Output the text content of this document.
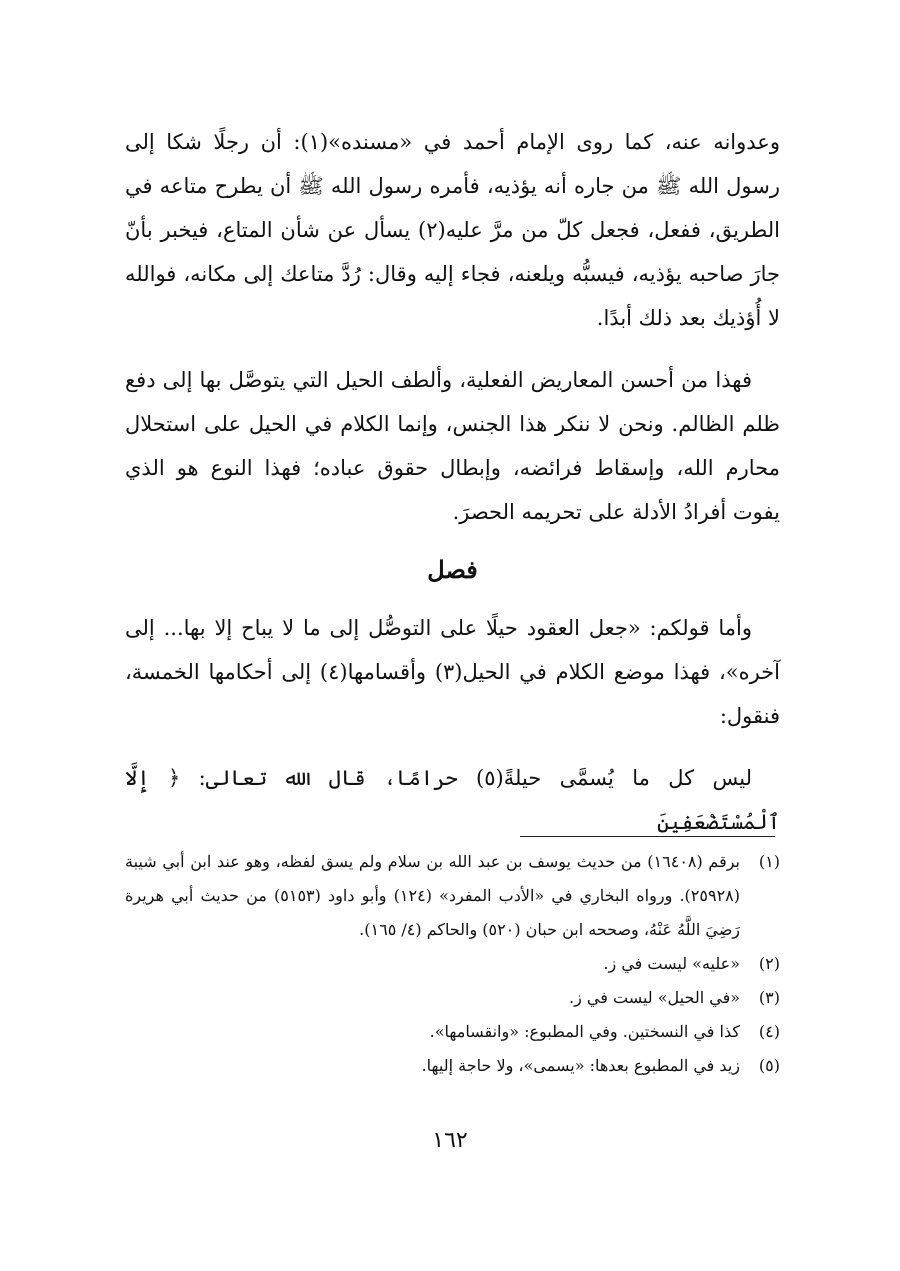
وعدوانه عنه، كما روى الإمام أحمد في «مسنده»(١): أن رجلًا شكا إلى رسول الله ﷺ من جاره أنه يؤذيه، فأمره رسول الله ﷺ أن يطرح متاعه في الطريق، ففعل، فجعل كلّ من مرَّ عليه(٢) يسأل عن شأن المتاع، فيخبر بأنّ جارَ صاحبه يؤذيه، فيسبُّه ويلعنه، فجاء إليه وقال: رُدَّ متاعك إلى مكانه، فوالله لا أُؤذيك بعد ذلك أبدًا.

فهذا من أحسن المعاريض الفعلية، وألطف الحيل التي يتوصَّل بها إلى دفع ظلم الظالم. ونحن لا ننكر هذا الجنس، وإنما الكلام في الحيل على استحلال محارم الله، وإسقاط فرائضه، وإبطال حقوق عباده؛ فهذا النوع هو الذي يفوت أفرادُ الأدلة على تحريمه الحصرَ.

فصل

وأما قولكم: «جعل العقود حيلًا على التوصُّل إلى ما لا يباح إلا بها... إلى آخره»، فهذا موضع الكلام في الحيل(٣) وأقسامها(٤) إلى أحكامها الخمسة، فنقول:

ليس كل ما يُسمَّى حيلةً(٥) حرامًا، قال الله تعالى: ﴿ إِلَّا ٱلْمُسْتَضْعَفِينَ

(١)
برقم (١٦٤٠٨) من حديث يوسف بن عبد الله بن سلام ولم يسق لفظه، وهو عند ابن أبي شيبة (٢٥٩٢٨). ورواه البخاري في «الأدب المفرد» (١٢٤) وأبو داود (٥١٥٣) من حديث أبي هريرة رَضِيَ اللَّهُ عَنْهُ، وصححه ابن حبان (٥٢٠) والحاكم (٤/ ١٦٥).
(٢)
«عليه» ليست في ز.
(٣)
«في الحيل» ليست في ز.
(٤)
كذا في النسختين. وفي المطبوع: «وانقسامها».
(٥)
زيد في المطبوع بعدها: «يسمى»، ولا حاجة إليها.
١٦٢
